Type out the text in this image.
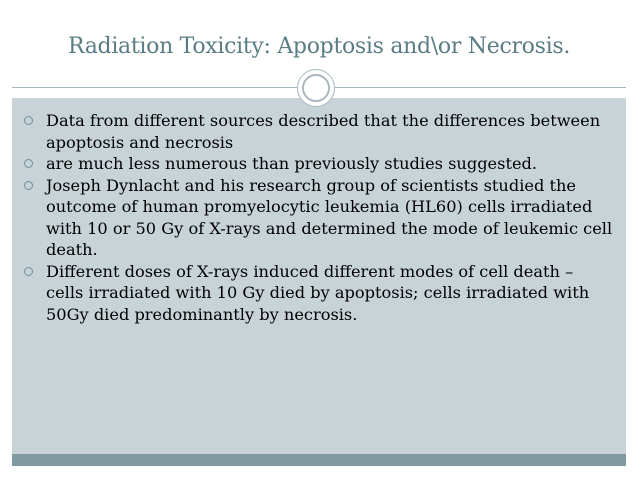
Radiation Toxicity: Apoptosis and\or Necrosis.
Data from different sources described that the differences between apoptosis and necrosis
are much less numerous than previously studies suggested.
Joseph Dynlacht and his research group of scientists studied the outcome of human promyelocytic leukemia (HL60) cells irradiated with 10 or 50 Gy of X-rays and determined the mode of leukemic cell death.
Different doses of X-rays induced different modes of cell death – cells irradiated with 10 Gy died by apoptosis; cells irradiated with 50Gy died predominantly by necrosis.
